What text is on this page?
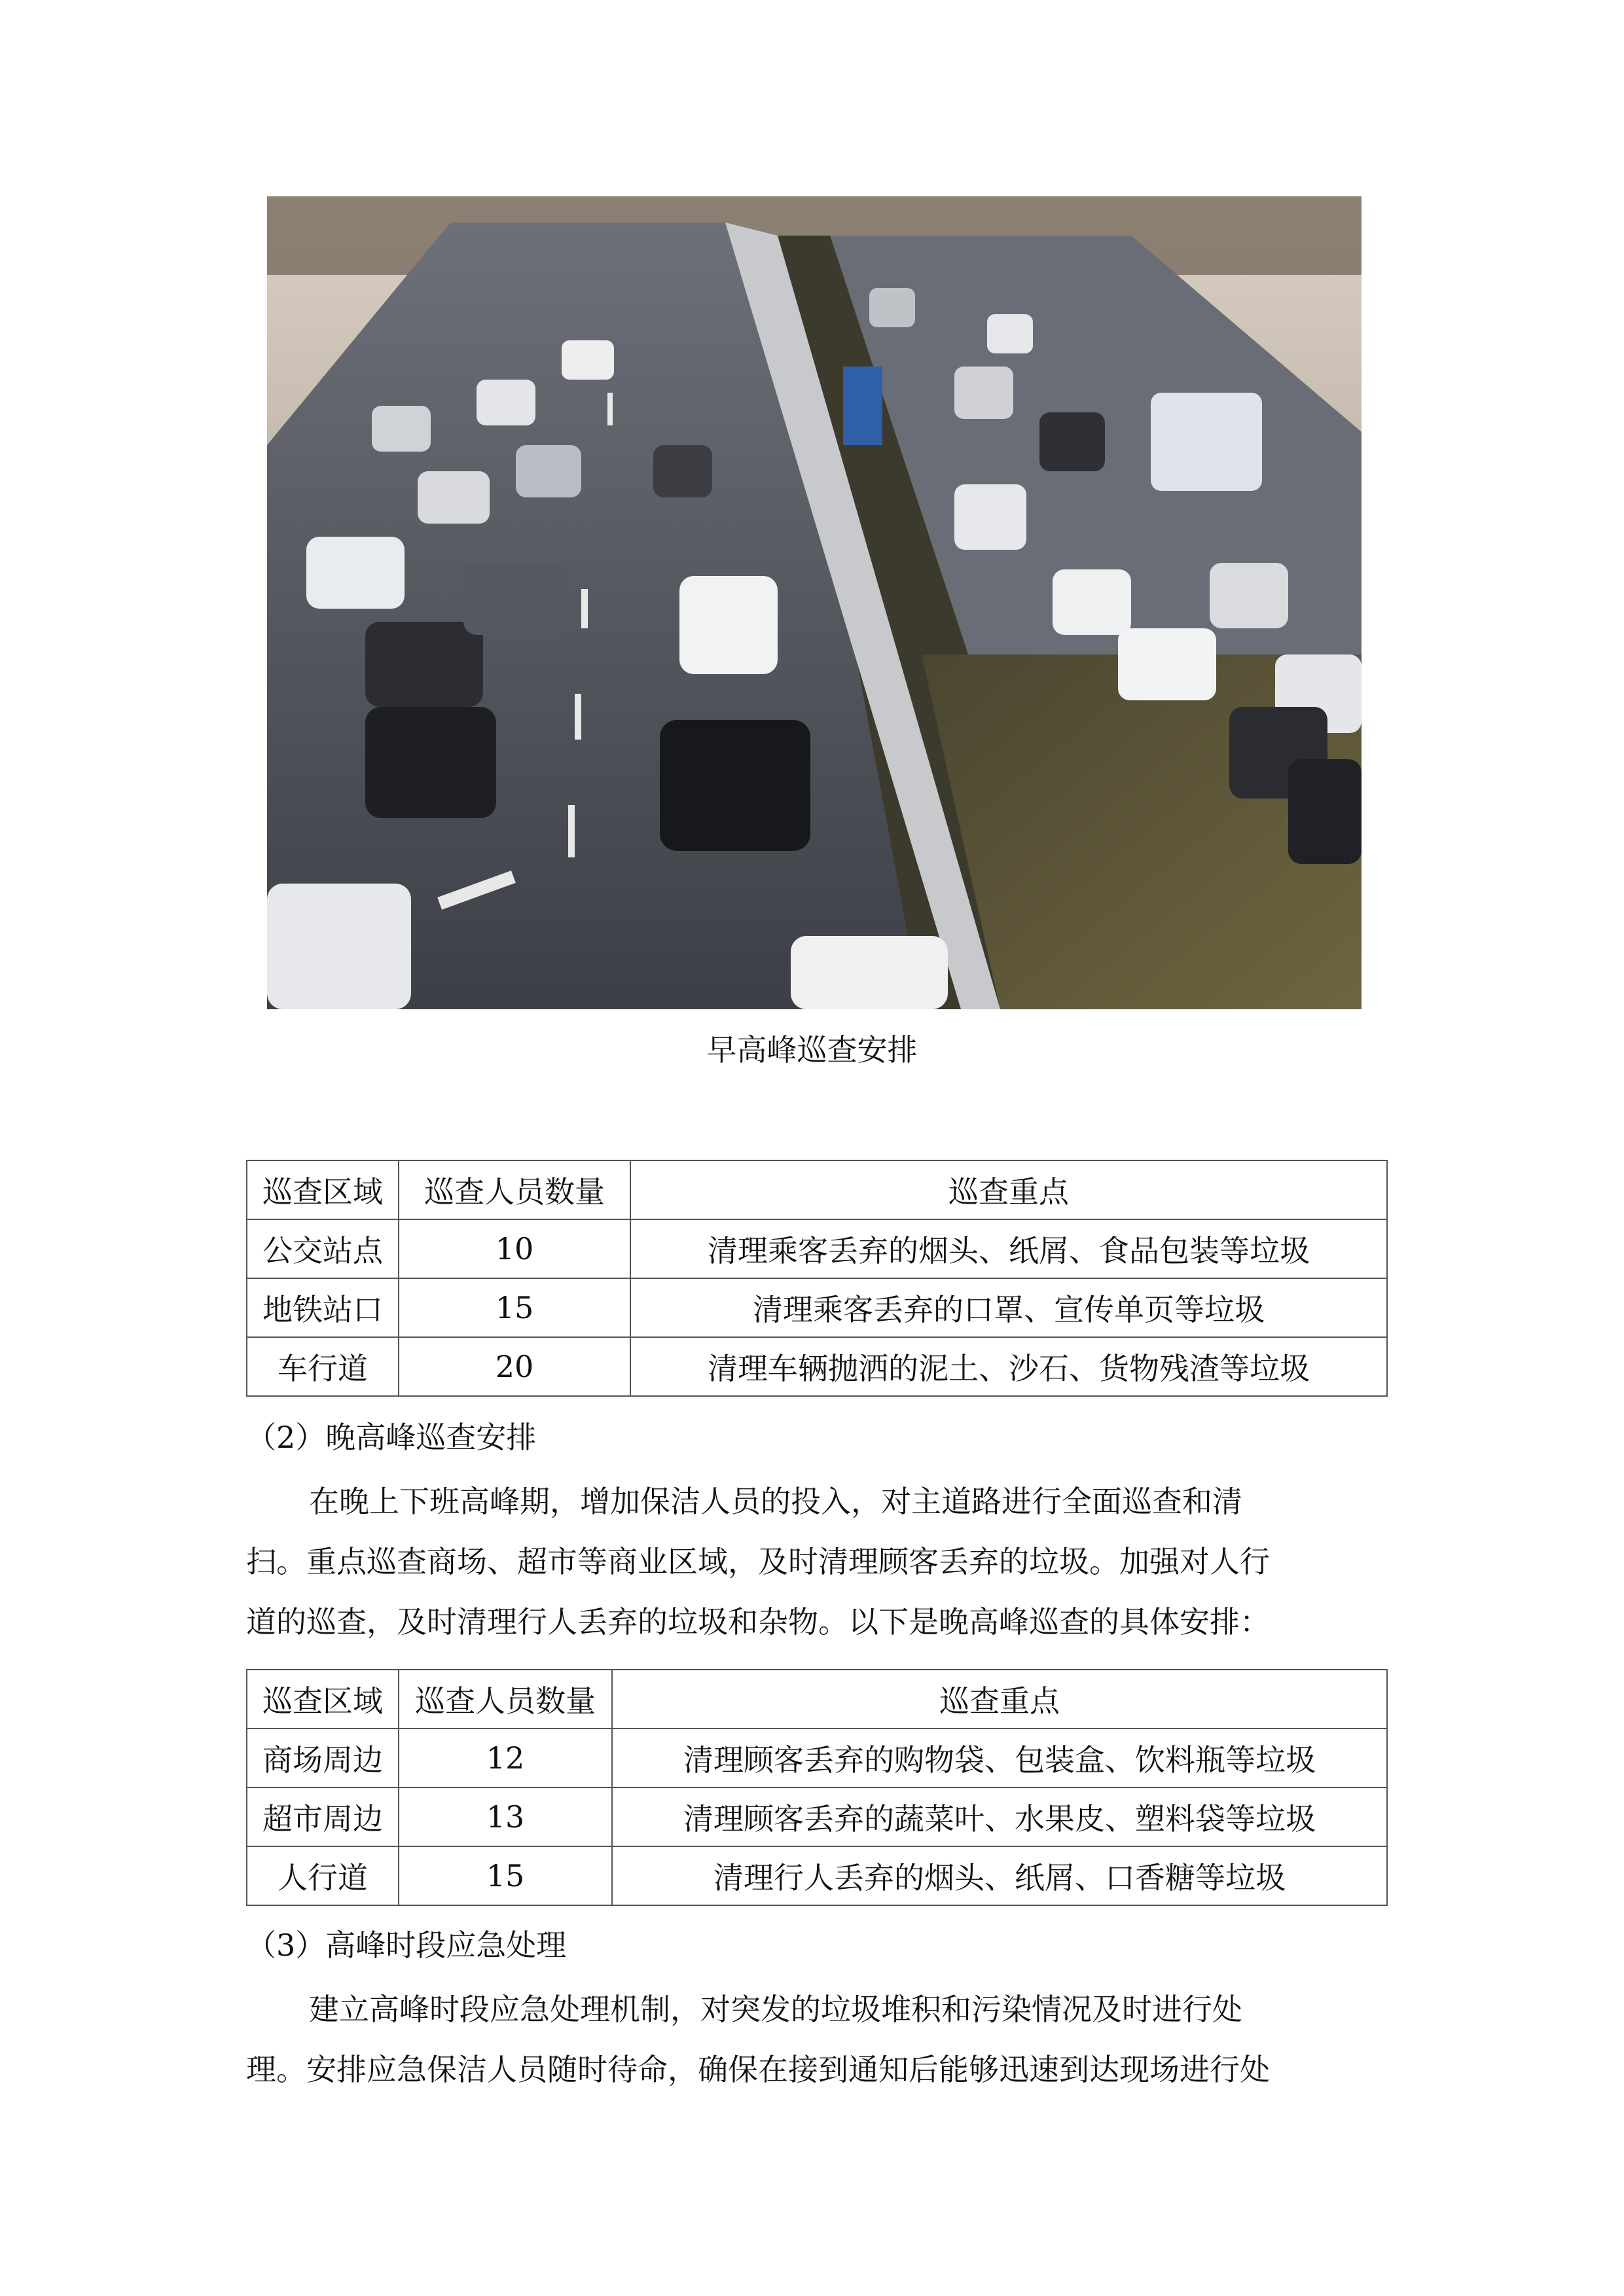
早高峰巡查安排
巡查区域	巡查人员数量	巡查重点
公交站点	10	清理乘客丢弃的烟头、纸屑、食品包装等垃圾
地铁站口	15	清理乘客丢弃的口罩、宣传单页等垃圾
车行道	20	清理车辆抛洒的泥土、沙石、货物残渣等垃圾
（2）晚高峰巡查安排
在晚上下班高峰期，增加保洁人员的投入，对主道路进行全面巡查和清
扫。重点巡查商场、超市等商业区域，及时清理顾客丢弃的垃圾。加强对人行
道的巡查，及时清理行人丢弃的垃圾和杂物。以下是晚高峰巡查的具体安排：
巡查区域	巡查人员数量	巡查重点
商场周边	12	清理顾客丢弃的购物袋、包装盒、饮料瓶等垃圾
超市周边	13	清理顾客丢弃的蔬菜叶、水果皮、塑料袋等垃圾
人行道	15	清理行人丢弃的烟头、纸屑、口香糖等垃圾
（3）高峰时段应急处理
建立高峰时段应急处理机制，对突发的垃圾堆积和污染情况及时进行处
理。安排应急保洁人员随时待命，确保在接到通知后能够迅速到达现场进行处
